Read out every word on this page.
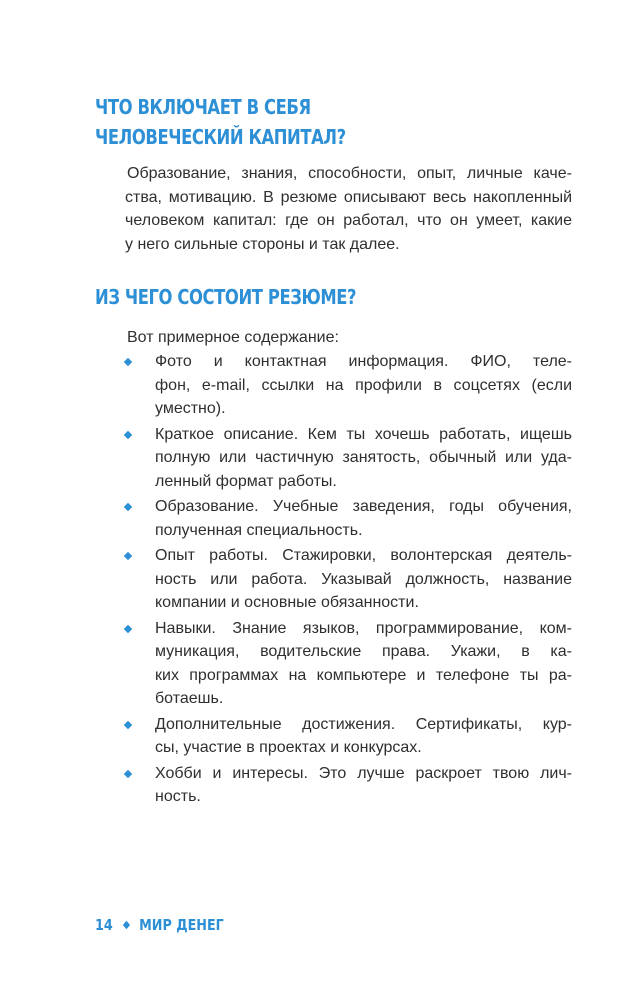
ЧТО ВКЛЮЧАЕТ В СЕБЯ
ЧЕЛОВЕЧЕСКИЙ КАПИТАЛ?

Образование, знания, способности, опыт, личные каче-
ства, мотивацию. В резюме описывают весь накопленный
человеком капитал: где он работал, что он умеет, какие
у него сильные стороны и так далее.

ИЗ ЧЕГО СОСТОИТ РЕЗЮМЕ?

Вот примерное содержание:

Фото и контактная информация. ФИО, теле-
фон, e-mail, ссылки на профили в соцсетях (если
уместно).
Краткое описание. Кем ты хочешь работать, ищешь
полную или частичную занятость, обычный или уда-
ленный формат работы.
Образование. Учебные заведения, годы обучения,
полученная специальность.
Опыт работы. Стажировки, волонтерская деятель-
ность или работа. Указывай должность, название
компании и основные обязанности.
Навыки. Знание языков, программирование, ком-
муникация, водительские права. Укажи, в ка-
ких программах на компьютере и телефоне ты ра-
ботаешь.
Дополнительные достижения. Сертификаты, кур-
сы, участие в проектах и конкурсах.
Хобби и интересы. Это лучше раскроет твою лич-
ность.
14 МИР ДЕНЕГ
